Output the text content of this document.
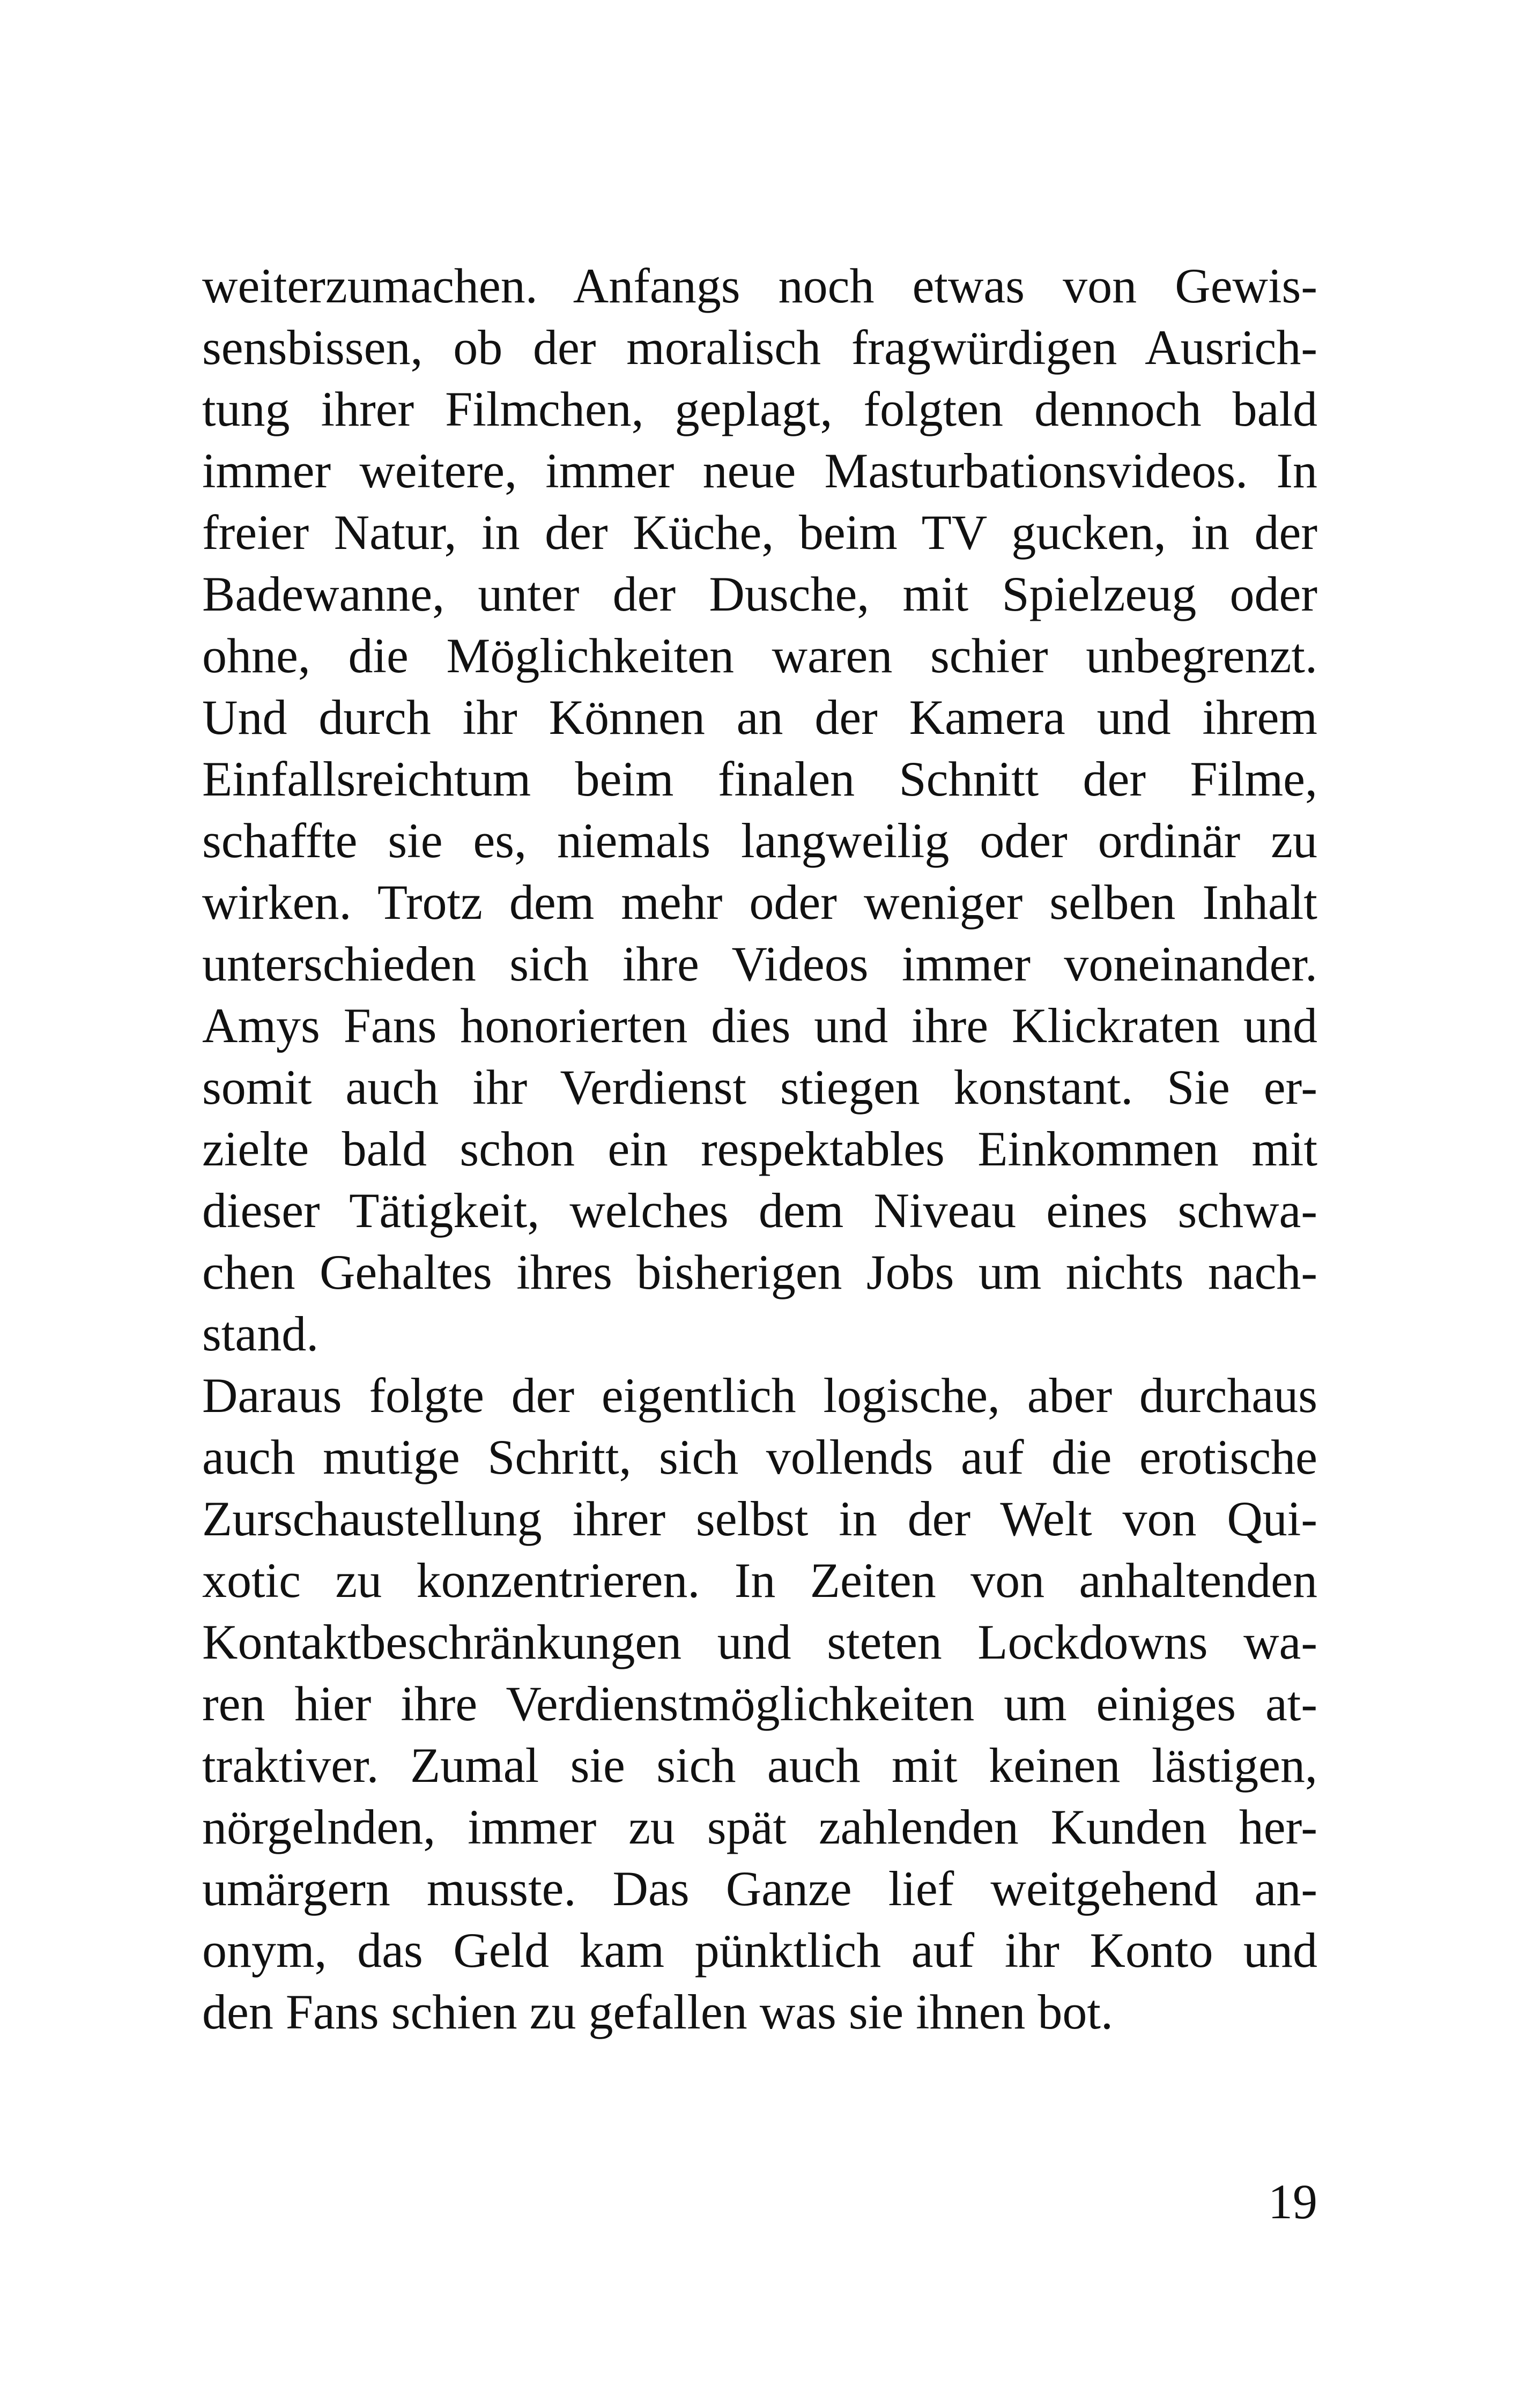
weiterzumachen. Anfangs noch etwas von Gewis-
sensbissen, ob der moralisch fragwürdigen Ausrich-
tung ihrer Filmchen, geplagt, folgten dennoch bald
immer weitere, immer neue Masturbationsvideos. In
freier Natur, in der Küche, beim TV gucken, in der
Badewanne, unter der Dusche, mit Spielzeug oder
ohne, die Möglichkeiten waren schier unbegrenzt.
Und durch ihr Können an der Kamera und ihrem
Einfallsreichtum beim finalen Schnitt der Filme,
schaffte sie es, niemals langweilig oder ordinär zu
wirken. Trotz dem mehr oder weniger selben Inhalt
unterschieden sich ihre Videos immer voneinander.
Amys Fans honorierten dies und ihre Klickraten und
somit auch ihr Verdienst stiegen konstant. Sie er-
zielte bald schon ein respektables Einkommen mit
dieser Tätigkeit, welches dem Niveau eines schwa-
chen Gehaltes ihres bisherigen Jobs um nichts nach-
stand.
Daraus folgte der eigentlich logische, aber durchaus
auch mutige Schritt, sich vollends auf die erotische
Zurschaustellung ihrer selbst in der Welt von Qui-
xotic zu konzentrieren. In Zeiten von anhaltenden
Kontaktbeschränkungen und steten Lockdowns wa-
ren hier ihre Verdienstmöglichkeiten um einiges at-
traktiver. Zumal sie sich auch mit keinen lästigen,
nörgelnden, immer zu spät zahlenden Kunden her-
umärgern musste. Das Ganze lief weitgehend an-
onym, das Geld kam pünktlich auf ihr Konto und
den Fans schien zu gefallen was sie ihnen bot.
19
